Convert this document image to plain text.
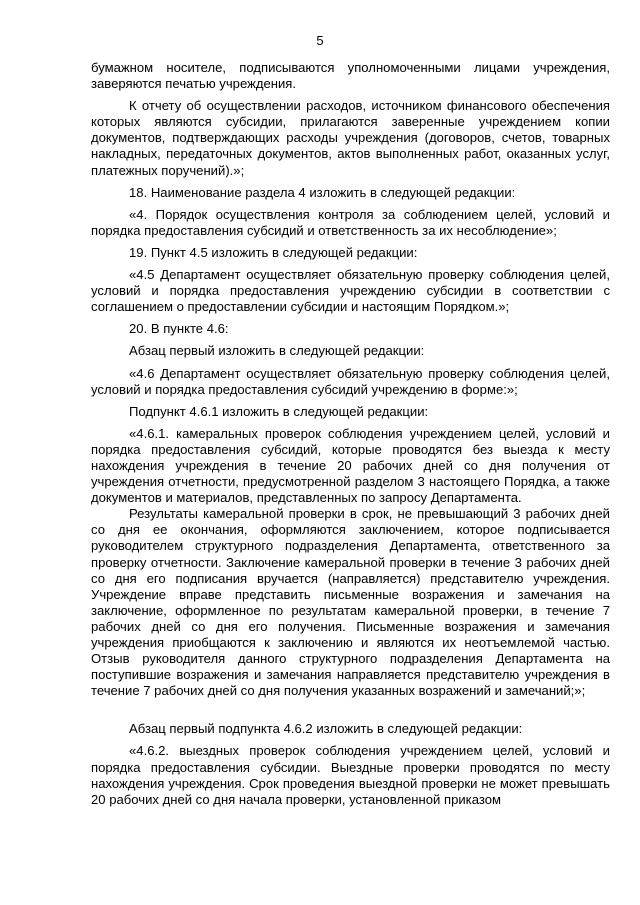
5

бумажном носителе, подписываются уполномоченными лицами учреждения, заверяются печатью учреждения.

К отчету об осуществлении расходов, источником финансового обеспечения которых являются субсидии, прилагаются заверенные учреждением копии документов, подтверждающих расходы учреждения (договоров, счетов, товарных накладных, передаточных документов, актов выполненных работ, оказанных услуг, платежных поручений).»;

18. Наименование раздела 4 изложить в следующей редакции:

«4. Порядок осуществления контроля за соблюдением целей, условий и порядка предоставления субсидий и ответственность за их несоблюдение»;

19. Пункт 4.5 изложить в следующей редакции:

«4.5 Департамент осуществляет обязательную проверку соблюдения целей, условий и порядка предоставления учреждению субсидии в соответствии с соглашением о предоставлении субсидии и настоящим Порядком.»;

20. В пункте 4.6:

Абзац первый изложить в следующей редакции:

«4.6 Департамент осуществляет обязательную проверку соблюдения целей, условий и порядка предоставления субсидий учреждению в форме:»;

Подпункт 4.6.1 изложить в следующей редакции:

«4.6.1. камеральных проверок соблюдения учреждением целей, условий и порядка предоставления субсидий, которые проводятся без выезда к месту нахождения учреждения в течение 20 рабочих дней со дня получения от учреждения отчетности, предусмотренной разделом 3 настоящего Порядка, а также документов и материалов, представленных по запросу Департамента.

Результаты камеральной проверки в срок, не превышающий 3 рабочих дней со дня ее окончания, оформляются заключением, которое подписывается руководителем структурного подразделения Департамента, ответственного за проверку отчетности. Заключение камеральной проверки в течение 3 рабочих дней со дня его подписания вручается (направляется) представителю учреждения. Учреждение вправе представить письменные возражения и замечания на заключение, оформленное по результатам камеральной проверки, в течение 7 рабочих дней со дня его получения. Письменные возражения и замечания учреждения приобщаются к заключению и являются их неотъемлемой частью. Отзыв руководителя данного структурного подразделения Департамента на поступившие возражения и замечания направляется представителю учреждения в течение 7 рабочих дней со дня получения указанных возражений и замечаний;»;

Абзац первый подпункта 4.6.2 изложить в следующей редакции:

«4.6.2. выездных проверок соблюдения учреждением целей, условий и порядка предоставления субсидии. Выездные проверки проводятся по месту нахождения учреждения. Срок проведения выездной проверки не может превышать 20 рабочих дней со дня начала проверки, установленной приказом
